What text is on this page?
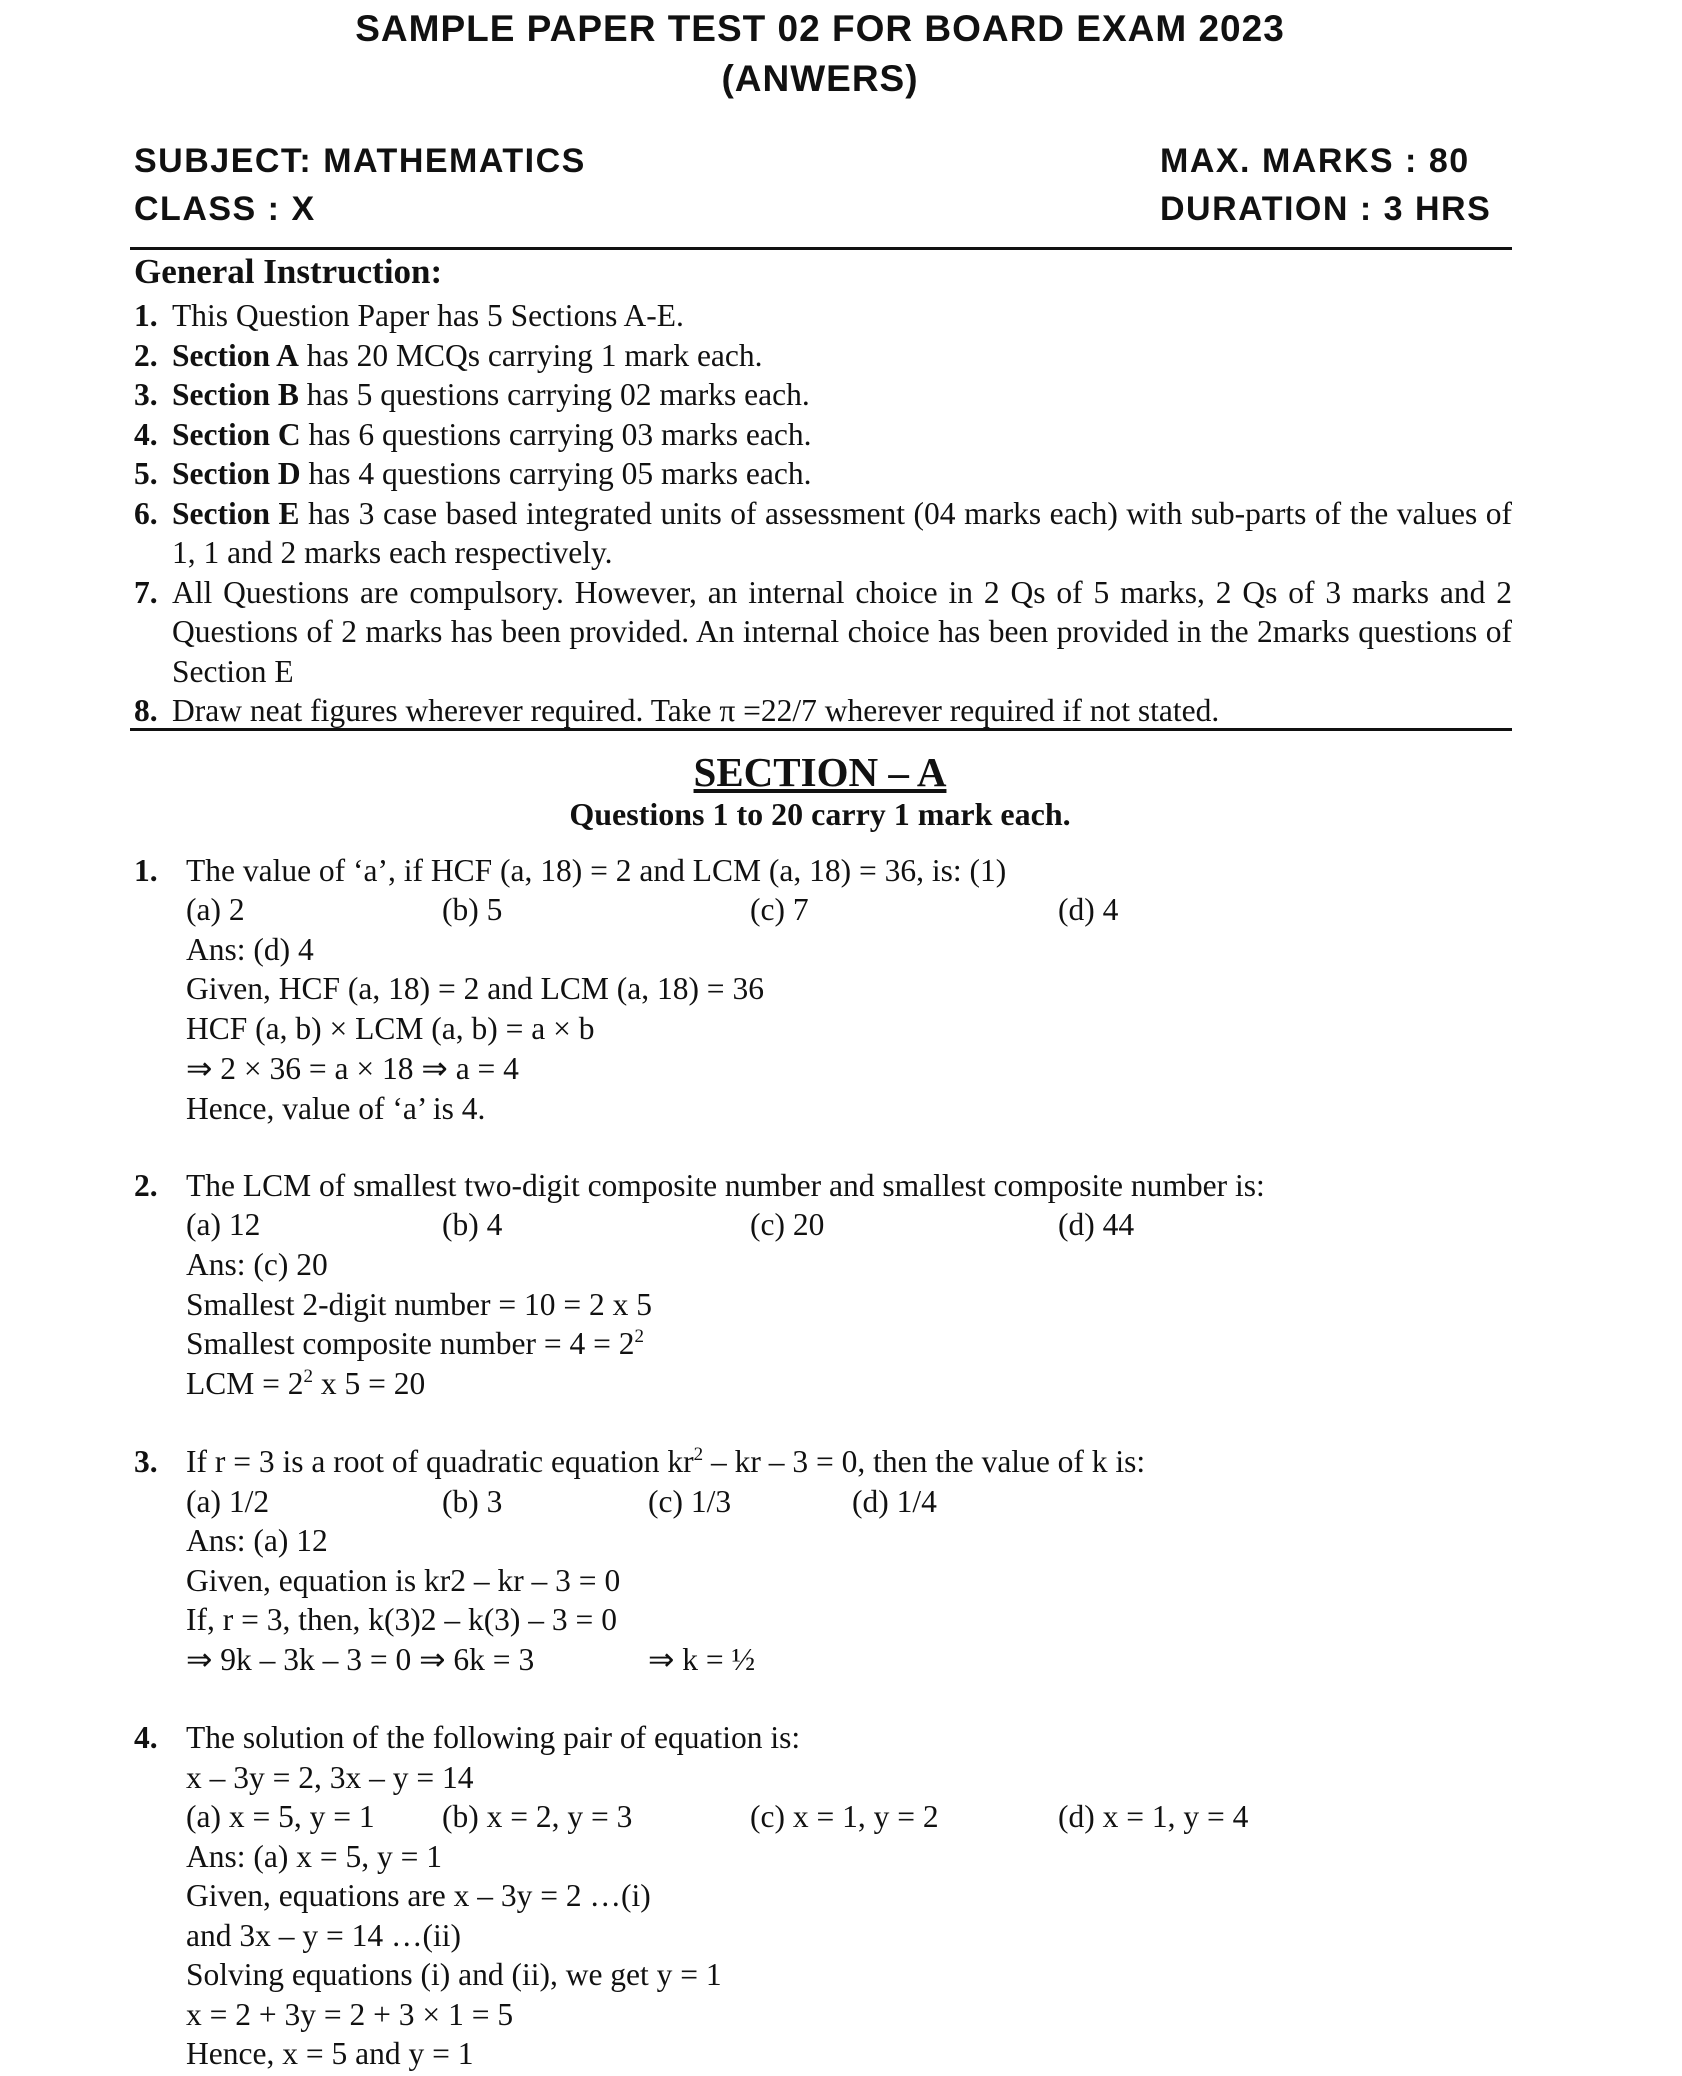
SAMPLE PAPER TEST 02 FOR BOARD EXAM 2023
(ANWERS)
SUBJECT: MATHEMATICS
CLASS : X
MAX. MARKS : 80
DURATION : 3 HRS
General Instruction:
1. This Question Paper has 5 Sections A-E.
2. Section A has 20 MCQs carrying 1 mark each.
3. Section B has 5 questions carrying 02 marks each.
4. Section C has 6 questions carrying 03 marks each.
5. Section D has 4 questions carrying 05 marks each.
6. Section E has 3 case based integrated units of assessment (04 marks each) with sub-parts of the values of 1, 1 and 2 marks each respectively.
7. All Questions are compulsory. However, an internal choice in 2 Qs of 5 marks, 2 Qs of 3 marks and 2 Questions of 2 marks has been provided. An internal choice has been provided in the 2marks questions of Section E
8. Draw neat figures wherever required. Take π =22/7 wherever required if not stated.
SECTION – A
Questions 1 to 20 carry 1 mark each.
1. The value of ‘a’, if HCF (a, 18) = 2 and LCM (a, 18) = 36, is: (1)
(a) 2	(b) 5	(c) 7	(d) 4
Ans: (d) 4
Given, HCF (a, 18) = 2 and LCM (a, 18) = 36
HCF (a, b) × LCM (a, b) = a × b
⇒ 2 × 36 = a × 18 ⇒ a = 4
Hence, value of ‘a’ is 4.
2. The LCM of smallest two-digit composite number and smallest composite number is:
(a) 12	(b) 4	(c) 20	(d) 44
Ans: (c) 20
Smallest 2-digit number = 10 = 2 x 5
Smallest composite number = $4 = 2^2$
LCM = $2^2$ x 5 = 20
3. If r = 3 is a root of quadratic equation $kr^2$ – kr – 3 = 0, then the value of k is:
(a) 1/2	(b) 3	(c) 1/3	(d) 1/4
Ans: (a) 12
Given, equation is kr2 – kr – 3 = 0
If, r = 3, then, k(3)2 – k(3) – 3 = 0
⇒ 9k – 3k – 3 = 0 ⇒ 6k = 3	⇒ k = ½
4. The solution of the following pair of equation is:
x – 3y = 2, 3x – y = 14
(a) x = 5, y = 1 (b) x = 2, y = 3	(c) x = 1, y = 2	(d) x = 1, y = 4
Ans: (a) x = 5, y = 1
Given, equations are x – 3y = 2 …(i)
and 3x – y = 14 …(ii)
Solving equations (i) and (ii), we get y = 1
x = 2 + 3y = 2 + 3 × 1 = 5
Hence, x = 5 and y = 1
